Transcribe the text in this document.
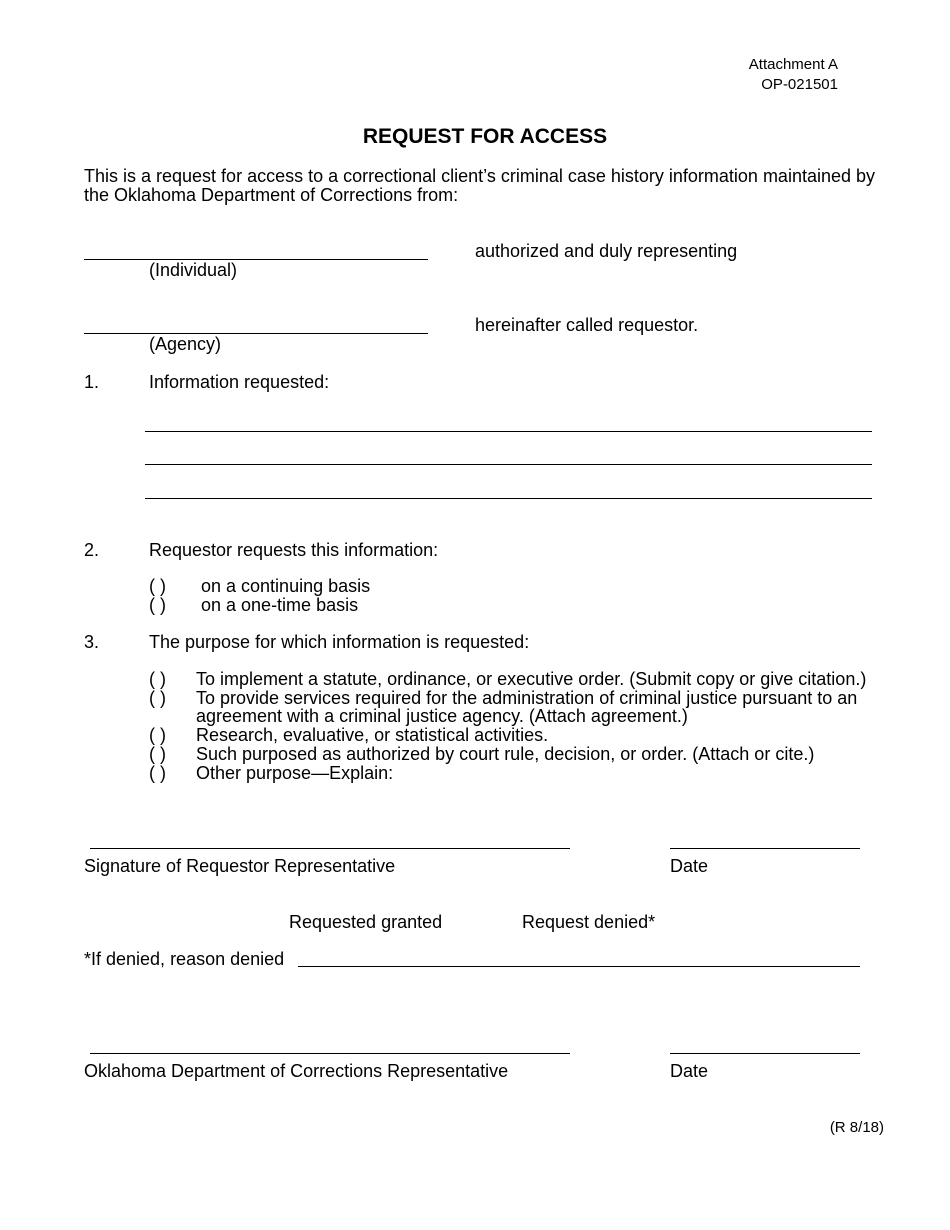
Attachment A
OP-021501
REQUEST FOR ACCESS
This is a request for access to a correctional client’s criminal case history information maintained by the Oklahoma Department of Corrections from:
(Individual)
authorized and duly representing
(Agency)
hereinafter called requestor.
1.	Information requested:
2.	Requestor requests this information:
( ) on a continuing basis
( ) on a one-time basis
3.	The purpose for which information is requested:
( ) To implement a statute, ordinance, or executive order. (Submit copy or give citation.)
( ) To provide services required for the administration of criminal justice pursuant to an
agreement with a criminal justice agency. (Attach agreement.)
( ) Research, evaluative, or statistical activities.
( ) Such purposed as authorized by court rule, decision, or order. (Attach or cite.)
( ) Other purpose—Explain:
Signature of Requestor Representative	Date
Requested granted	Request denied*
*If denied, reason denied
Oklahoma Department of Corrections Representative	Date
(R 8/18)
